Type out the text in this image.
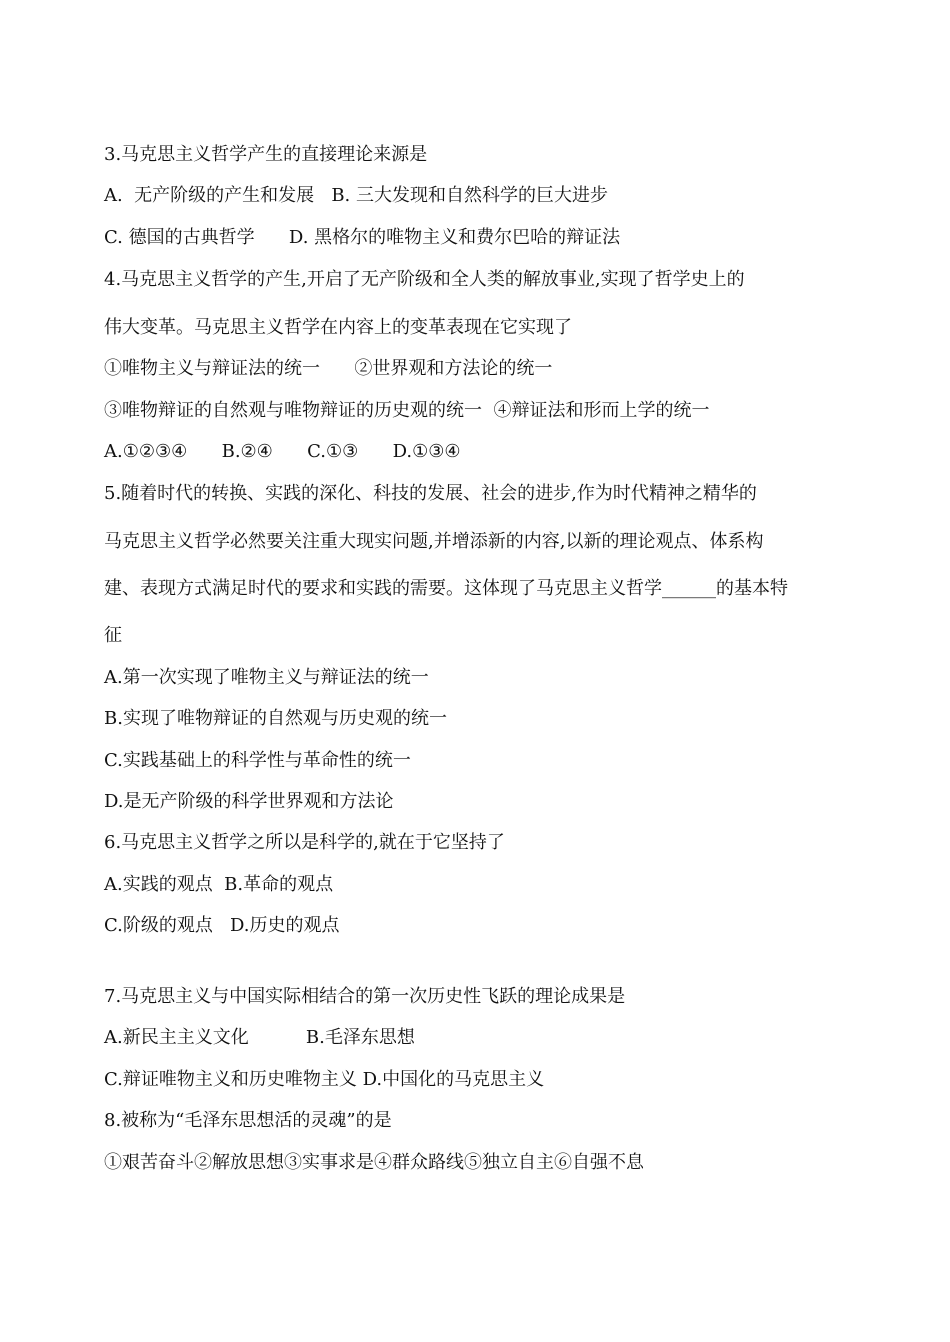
3.马克思主义哲学产生的直接理论来源是
A.  无产阶级的产生和发展   B. 三大发现和自然科学的巨大进步
C. 德国的古典哲学      D. 黑格尔的唯物主义和费尔巴哈的辩证法
4.马克思主义哲学的产生,开启了无产阶级和全人类的解放事业,实现了哲学史上的
伟大变革。马克思主义哲学在内容上的变革表现在它实现了
①唯物主义与辩证法的统一      ②世界观和方法论的统一
③唯物辩证的自然观与唯物辩证的历史观的统一  ④辩证法和形而上学的统一
A.①②③④      B.②④      C.①③      D.①③④
5.随着时代的转换、实践的深化、科技的发展、社会的进步,作为时代精神之精华的
马克思主义哲学必然要关注重大现实问题,并增添新的内容,以新的理论观点、体系构
建、表现方式满足时代的要求和实践的需要。这体现了马克思主义哲学______的基本特
征
A.第一次实现了唯物主义与辩证法的统一
B.实现了唯物辩证的自然观与历史观的统一
C.实践基础上的科学性与革命性的统一
D.是无产阶级的科学世界观和方法论
6.马克思主义哲学之所以是科学的,就在于它坚持了
A.实践的观点  B.革命的观点
C.阶级的观点   D.历史的观点
7.马克思主义与中国实际相结合的第一次历史性飞跃的理论成果是
A.新民主主义文化          B.毛泽东思想
C.辩证唯物主义和历史唯物主义 D.中国化的马克思主义
8.被称为“毛泽东思想活的灵魂”的是
①艰苦奋斗②解放思想③实事求是④群众路线⑤独立自主⑥自强不息
